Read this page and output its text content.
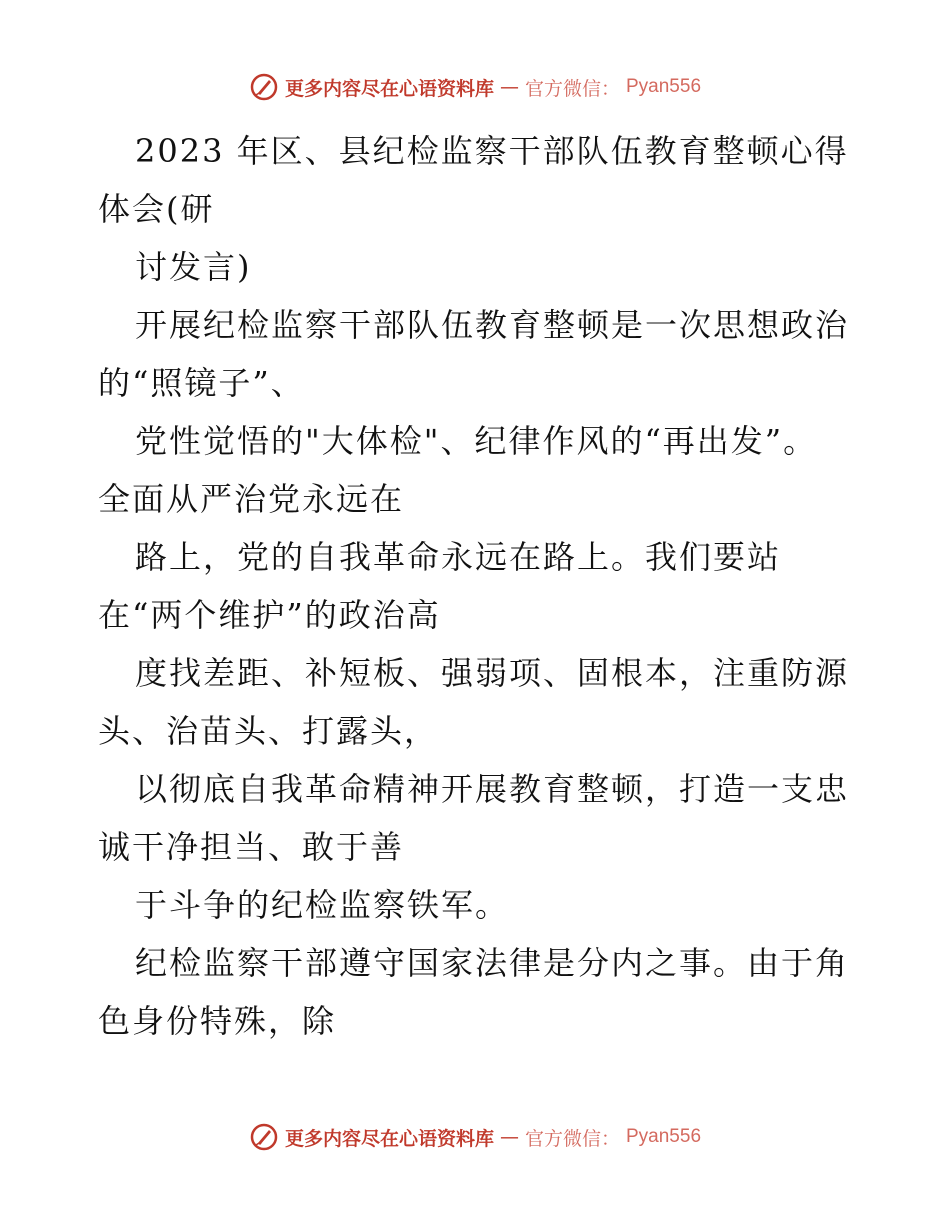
更多内容尽在心语资料库 — 官方微信： Pyan556

2023 年区、县纪检监察干部队伍教育整顿心得

体会(研

讨发言)

开展纪检监察干部队伍教育整顿是一次思想政治

的“照镜子”、

党性觉悟的"大体检"、纪律作风的“再出发”。

全面从严治党永远在

路上，党的自我革命永远在路上。我们要站

在“两个维护”的政治高

度找差距、补短板、强弱项、固根本，注重防源

头、治苗头、打露头，

以彻底自我革命精神开展教育整顿，打造一支忠

诚干净担当、敢于善

于斗争的纪检监察铁军。

纪检监察干部遵守国家法律是分内之事。由于角

色身份特殊，除

更多内容尽在心语资料库 — 官方微信： Pyan556
